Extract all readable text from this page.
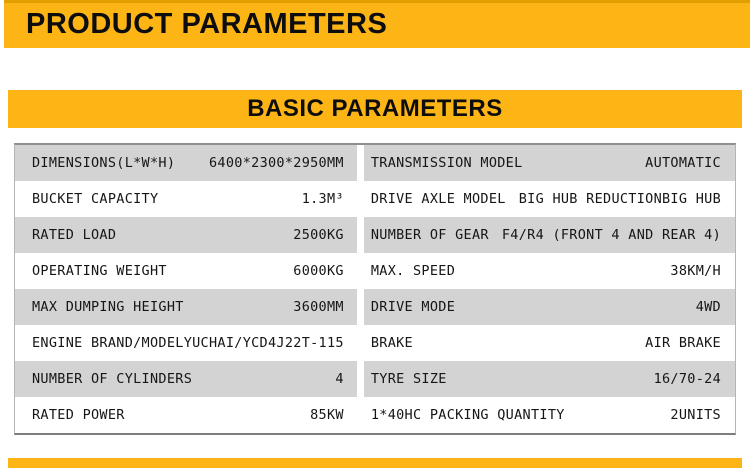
PRODUCT PARAMETERS
BASIC PARAMETERS
DIMENSIONS(L*W*H) 6400*2300*2950MM
BUCKET CAPACITY	1.3M³
RATED LOAD	2500KG
OPERATING WEIGHT	6000KG
MAX DUMPING HEIGHT	3600MM
ENGINE BRAND/MODEL YUCHAI/YCD4J22T-115
NUMBER OF CYLINDERS	4
RATED POWER	85KW
TRANSMISSION MODEL	AUTOMATIC
DRIVE AXLE MODEL BIG HUB REDUCTIONBIG HUB
NUMBER OF GEAR F4/R4 (FRONT 4 AND REAR 4)
MAX. SPEED	38KM/H
DRIVE MODE	4WD
BRAKE	AIR BRAKE
TYRE SIZE	16/70-24
1*40HC PACKING QUANTITY	2UNITS
